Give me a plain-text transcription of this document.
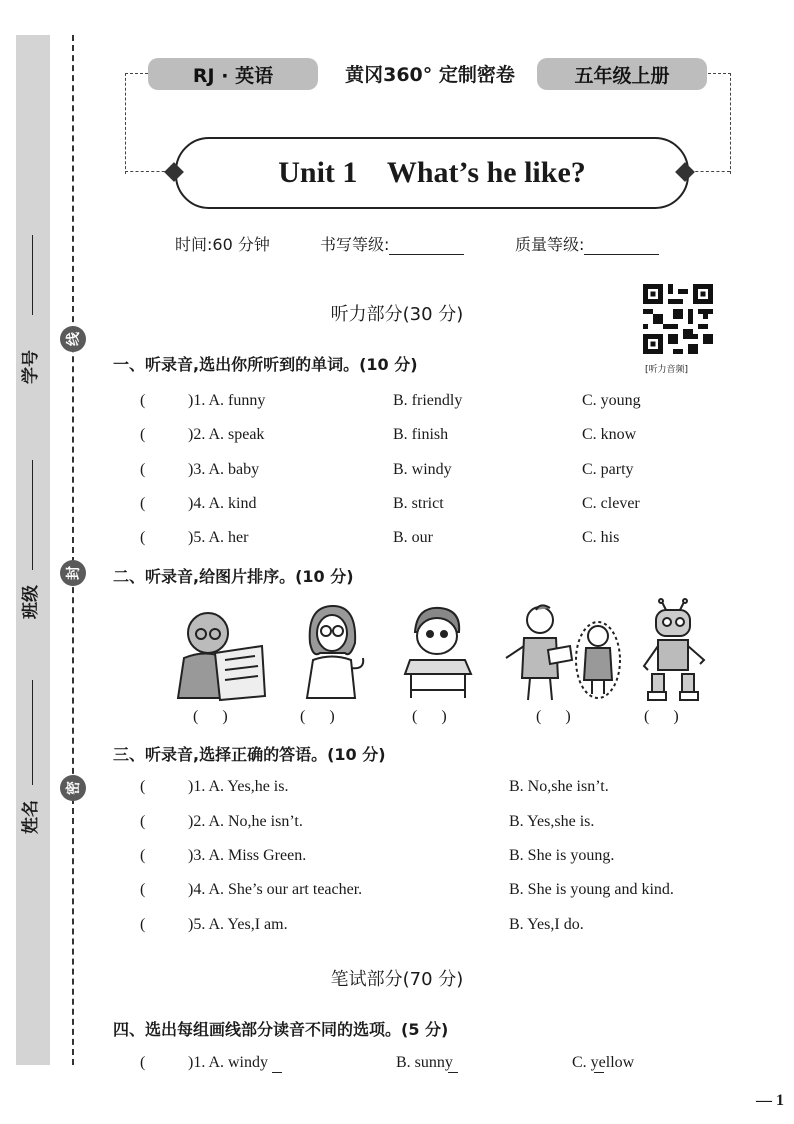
学号
班级
姓名
线
封
密
RJ · 英语	黄冈360° 定制密卷	五年级上册
Unit 1    What’s he like?
时间:60 分钟	书写等级:	质量等级:
[听力音频]
听力部分(30 分)
一、听录音,选出你所听到的单词。(10 分)
(	)1. A. funny	B. friendly	C. young
(	)2. A. speak	B. finish	C. know
(	)3. A. baby	B. windy	C. party
(	)4. A. kind	B. strict	C. clever
(	)5. A. her	B. our	C. his
二、听录音,给图片排序。(10 分)
(      )	(      )	(      )	(      )	(      )
三、听录音,选择正确的答语。(10 分)
(	)1. A. Yes,he is.	B. No,she isn’t.
(	)2. A. No,he isn’t.	B. Yes,she is.
(	)3. A. Miss Green.	B. She is young.
(	)4. A. She’s our art teacher.	B. She is young and kind.
(	)5. A. Yes,I am.	B. Yes,I do.
笔试部分(70 分)
四、选出每组画线部分读音不同的选项。(5 分)
(	)1. A. windy	B. sunny	C. yellow
— 1
